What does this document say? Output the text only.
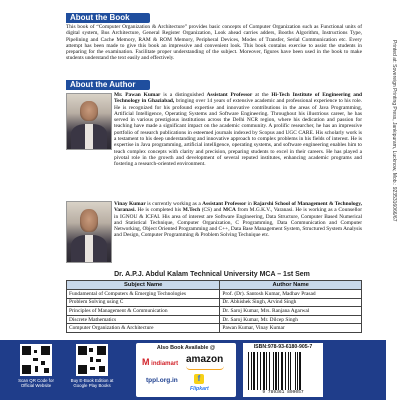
About the Book

This book of “Computer Organization & Architecture” provides basic concepts of Computer Organization such as Functional units of digital system, Bus Architecture, General Register Organization, Look ahead carries adders, Booths Algorithm, Instructions Type, Pipelining and Cache Memory, RAM & ROM Memory, Peripheral Devices, Modes of Transfer, Serial Communication etc. Every attempt has been made to give this book an impressive and convenient look. This book contains exercise to assist the students in preparing for the examination. Facilitate proper understanding of the subject. Moreover, figures have been used in the book to make students understand the text easily and effectively.

About the Author

Mr. Pawan Kumar is a distinguished Assistant Professor at the Hi-Tech Institute of Engineering and Technology in Ghaziabad, bringing over 14 years of extensive academic and professional experience to his role. He is recognized for his profound expertise and innovative contributions in the areas of Java Programming, Artificial Intelligence, Operating Systems and Software Engineering. Throughout his illustrious career, he has served in various prestigious institutions across the Delhi NCR region, where his dedication and passion for teaching have made a significant impact on the academic community. A prolific researcher, he has an impressive portfolio of research publications in esteemed journals indexed by Scopus and UGC CARE. His scholarly work is a testament to his deep understanding and innovative approach to complex problems in his fields of interest. He is expertise in Java programming, artificial intelligence, operating systems, and software engineering enables him to teach complex concepts with clarity and precision, preparing students to excel in their careers. He has played a pivotal role in the growth and development of several reputed institutes, enhancing academic programs and fostering a research-oriented environment.

Vinay Kumar is currently working as a Assistant Professor in Rajarshi School of Management & Technology, Varanasi. He is completed his M.Tech (CS) and MCA from M.G.K.V., Varanasi. He is working as a Counsellor in IGNOU & ICFAI. His area of interest are Software Engineering, Data Structure, Computer Based Numerical and Statistical Technique, Computer Organization, C Programming, Data Communication and Computer Networking, Object Oriented Programming and C++, Data Base Management System, Structured System Analysis and Design, Computer Programming & Problem Solving Technique etc.

Dr. A.P.J. Abdul Kalam Technical University MCA – 1st Sem
Subject Name	Author Name
Fundamental of Computers & Emerging Technologies	Prof. (Dr). Santosh Kumar, Madhav Prasad
Problem Solving using C	Dr. Abhishek Singh, Arvind Singh
Principles of Management & Communication	Dr. Saroj Kumar, Mrs. Ranjana Agarwal
Discrete Mathematics	Dr. Saroj Kumar, Mr. Dilcep Singh
Computer Organization & Architecture	Pawan Kumar, Vinay Kumar
Scan QR Code for Official Website
Buy E-Book Edition at Google Play Books
Also Book Available @
M indiamart amazon
tppl.org.in	f
Flipkart
ISBN:978-93-6180-905-7
9 789361 809057
Printed at: Sovereign Printing Press, Jankipuram, Lucknow, Mob.: 9235316066/67
